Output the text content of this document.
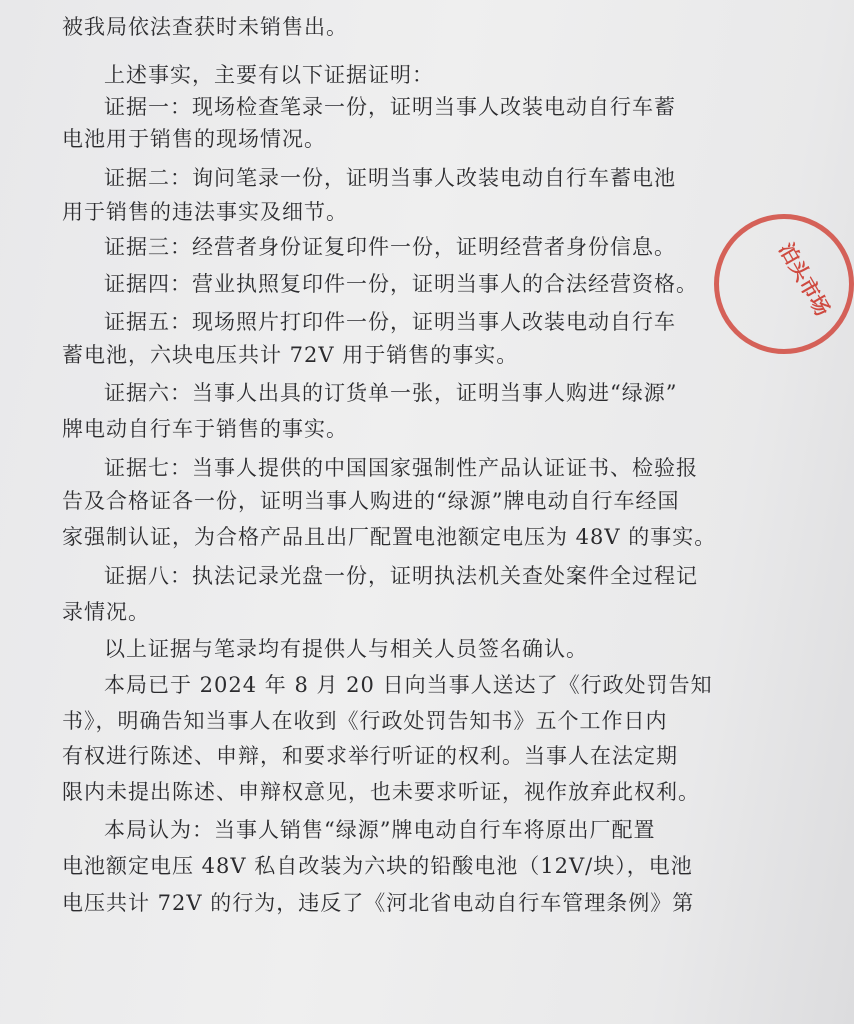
被我局依法查获时未销售出。

上述事实，主要有以下证据证明：

证据一：现场检查笔录一份，证明当事人改装电动自行车蓄

电池用于销售的现场情况。

证据二：询问笔录一份，证明当事人改装电动自行车蓄电池

用于销售的违法事实及细节。

证据三：经营者身份证复印件一份，证明经营者身份信息。

证据四：营业执照复印件一份，证明当事人的合法经营资格。

证据五：现场照片打印件一份，证明当事人改装电动自行车

蓄电池，六块电压共计 72V 用于销售的事实。

证据六：当事人出具的订货单一张，证明当事人购进“绿源”

牌电动自行车于销售的事实。

证据七：当事人提供的中国国家强制性产品认证证书、检验报

告及合格证各一份，证明当事人购进的“绿源”牌电动自行车经国

家强制认证，为合格产品且出厂配置电池额定电压为 48V 的事实。

证据八：执法记录光盘一份，证明执法机关查处案件全过程记

录情况。

以上证据与笔录均有提供人与相关人员签名确认。

本局已于 2024 年 8 月 20 日向当事人送达了《行政处罚告知

书》，明确告知当事人在收到《行政处罚告知书》五个工作日内

有权进行陈述、申辩，和要求举行听证的权利。当事人在法定期

限内未提出陈述、申辩权意见，也未要求听证，视作放弃此权利。

本局认为：当事人销售“绿源”牌电动自行车将原出厂配置

电池额定电压 48V 私自改装为六块的铅酸电池（12V/块），电池

电压共计 72V 的行为，违反了《河北省电动自行车管理条例》第

泊头市场
